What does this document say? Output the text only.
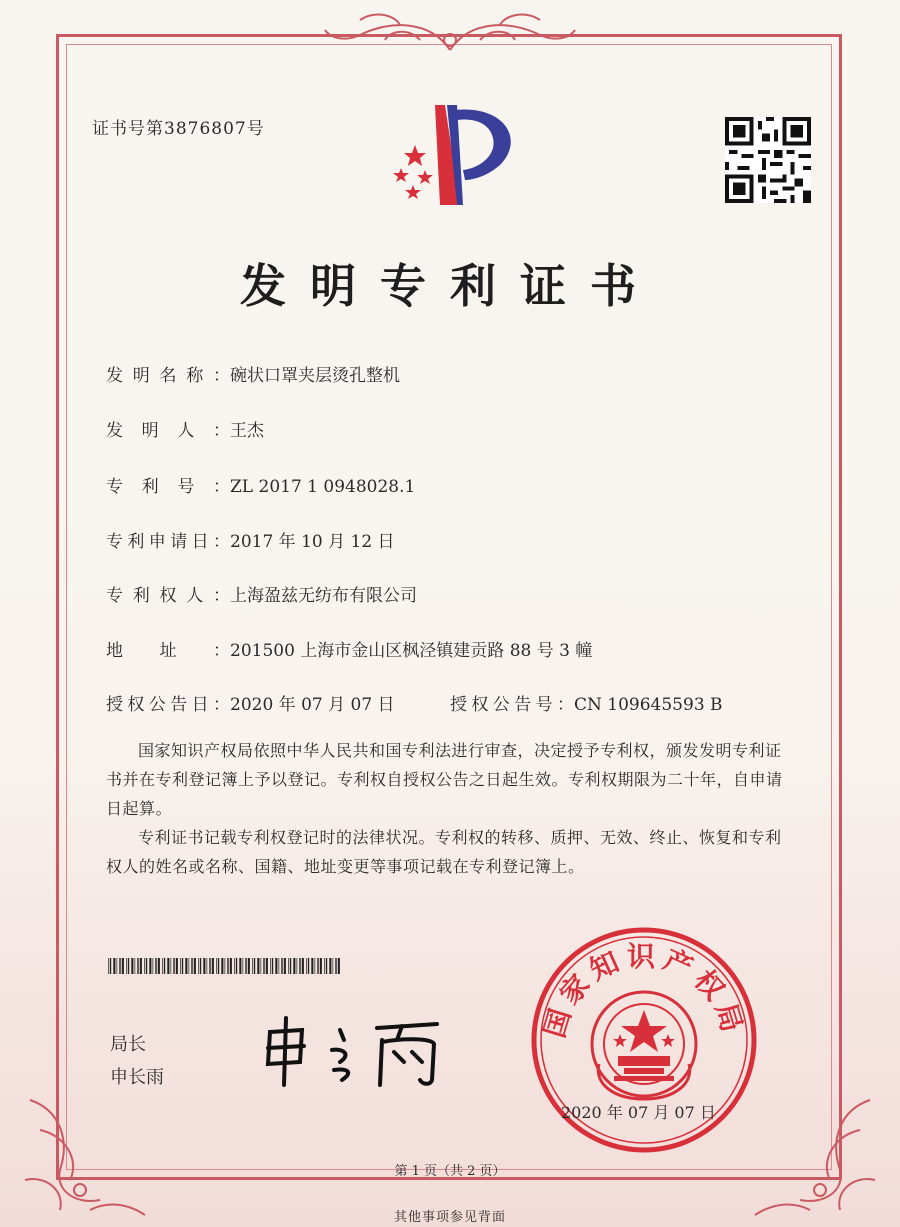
证书号第3876807号
发明专利证书
发明名称：碗状口罩夹层烫孔整机
发明人：王杰
专利号：ZL 2017 1 0948028.1
专利申请日：2017 年 10 月 12 日
专利权人：上海盈兹无纺布有限公司
地址：201500 上海市金山区枫泾镇建贡路 88 号 3 幢
授权公告日：2020 年 07 月 07 日	授权公告号：CN 109645593 B
国家知识产权局依照中华人民共和国专利法进行审查，决定授予专利权，颁发发明专利证书并在专利登记簿上予以登记。专利权自授权公告之日起生效。专利权期限为二十年，自申请日起算。
专利证书记载专利权登记时的法律状况。专利权的转移、质押、无效、终止、恢复和专利权人的姓名或名称、国籍、地址变更等事项记载在专利登记簿上。
局长
申长雨
国家知识产权局
2020 年 07 月 07 日
第 1 页（共 2 页）
其他事项参见背面
